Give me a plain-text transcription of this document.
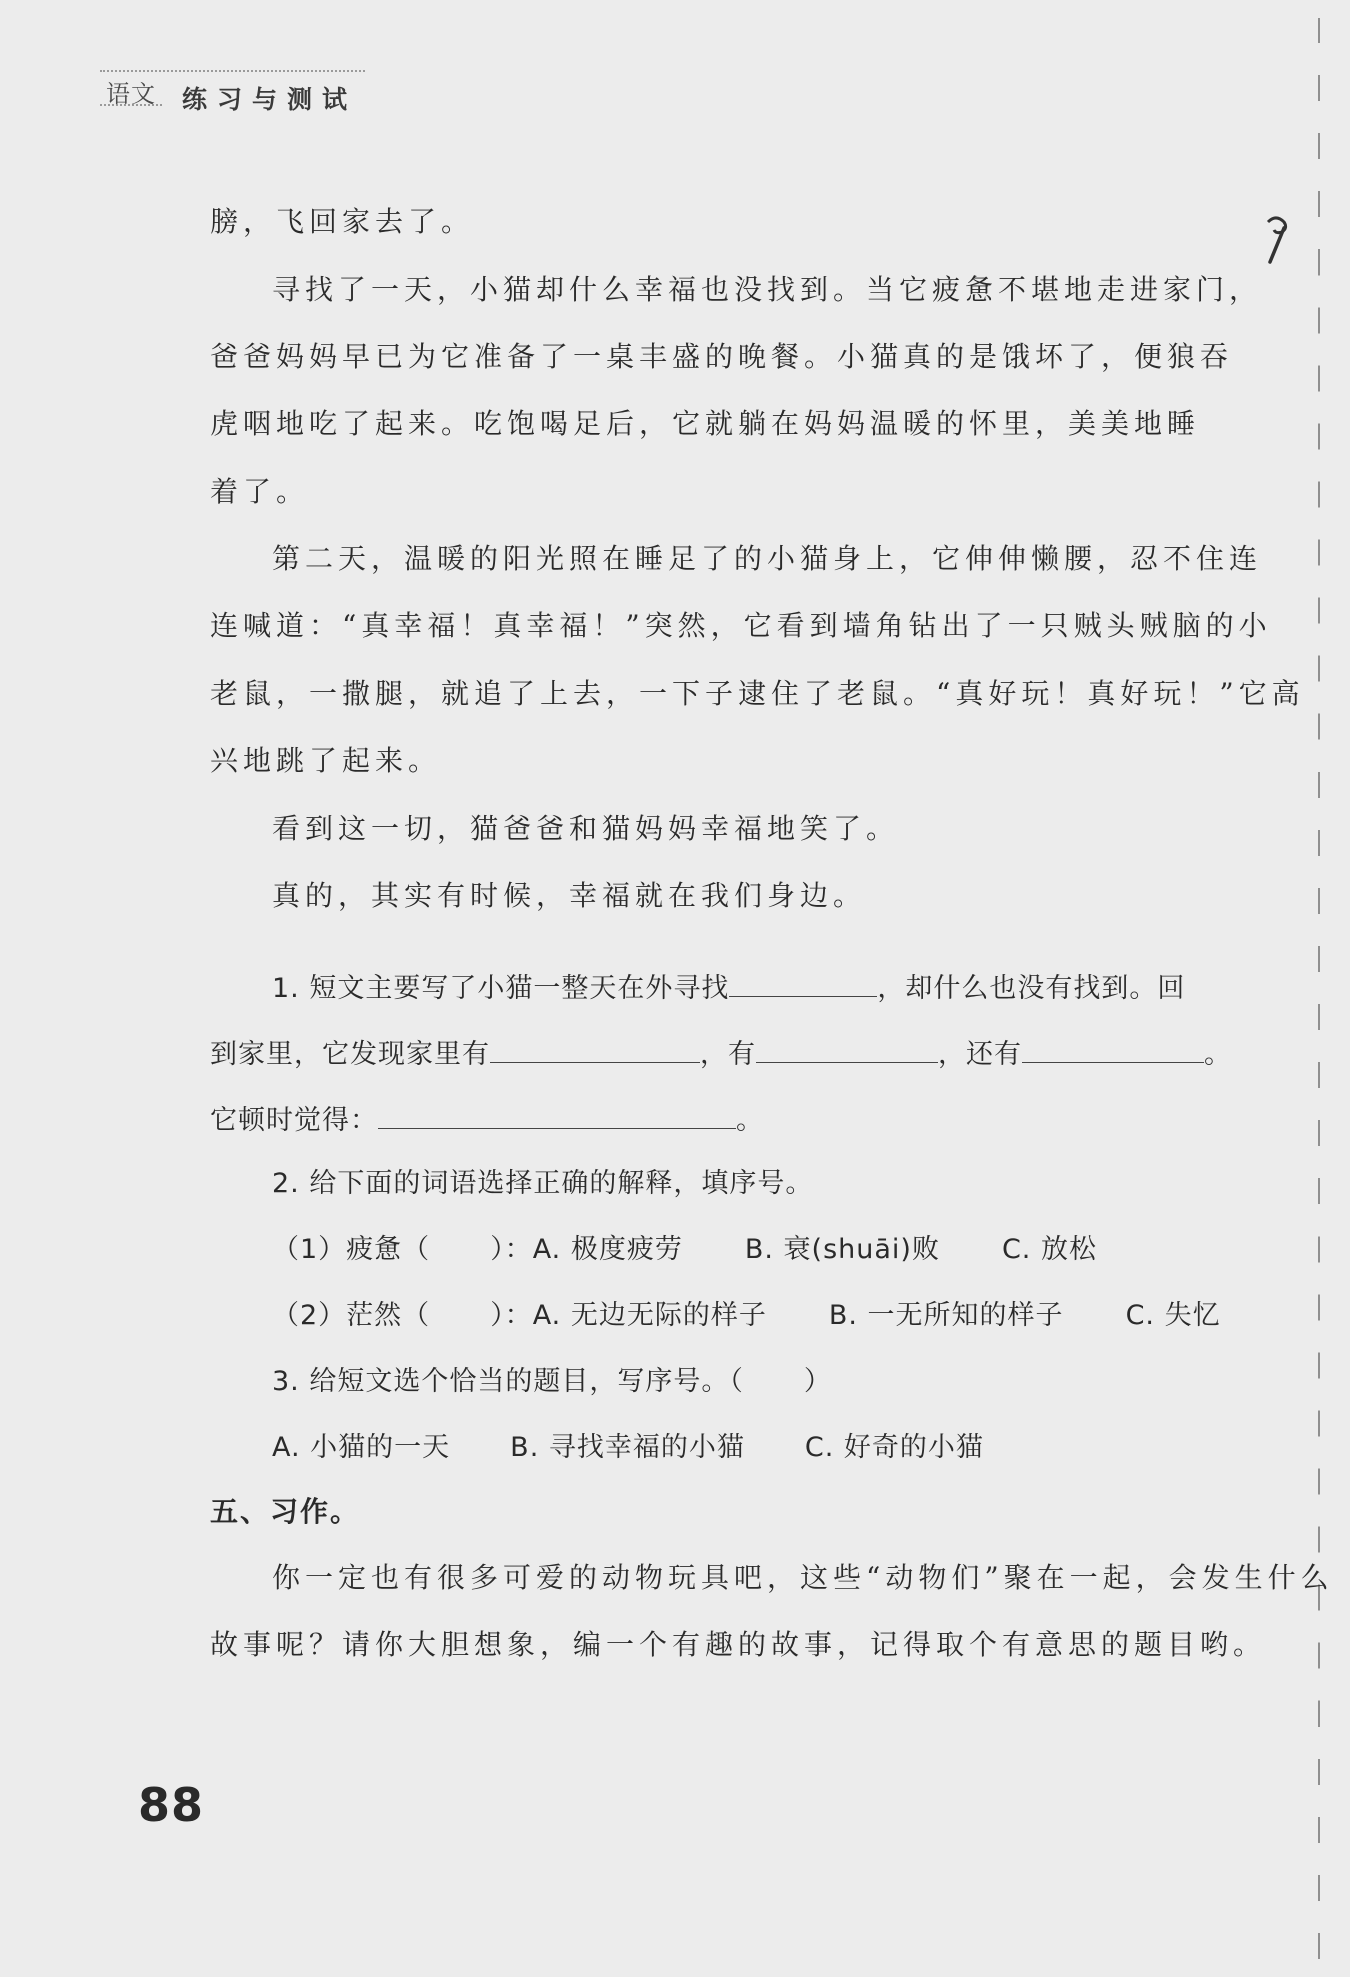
语文 练习与测试
膀，飞回家去了。
寻找了一天，小猫却什么幸福也没找到。当它疲惫不堪地走进家门，
爸爸妈妈早已为它准备了一桌丰盛的晚餐。小猫真的是饿坏了，便狼吞
虎咽地吃了起来。吃饱喝足后，它就躺在妈妈温暖的怀里，美美地睡
着了。
第二天，温暖的阳光照在睡足了的小猫身上，它伸伸懒腰，忍不住连
连喊道：“真幸福！真幸福！”突然，它看到墙角钻出了一只贼头贼脑的小
老鼠，一撒腿，就追了上去，一下子逮住了老鼠。“真好玩！真好玩！”它高
兴地跳了起来。
看到这一切，猫爸爸和猫妈妈幸福地笑了。
真的，其实有时候，幸福就在我们身边。
1. 短文主要写了小猫一整天在外寻找	，却什么也没有找到。回
到家里，它发现家里有	，有	，还有	。
它顿时觉得：	。
2. 给下面的词语选择正确的解释，填序号。
（1）疲惫（ ）：A. 极度疲劳 B. 衰(shuāi)败 C. 放松
（2）茫然（ ）：A. 无边无际的样子 B. 一无所知的样子 C. 失忆
3. 给短文选个恰当的题目，写序号。（ ）
A. 小猫的一天 B. 寻找幸福的小猫 C. 好奇的小猫
五、习作。
你一定也有很多可爱的动物玩具吧，这些“动物们”聚在一起，会发生什么
故事呢？请你大胆想象，编一个有趣的故事，记得取个有意思的题目哟。
88
